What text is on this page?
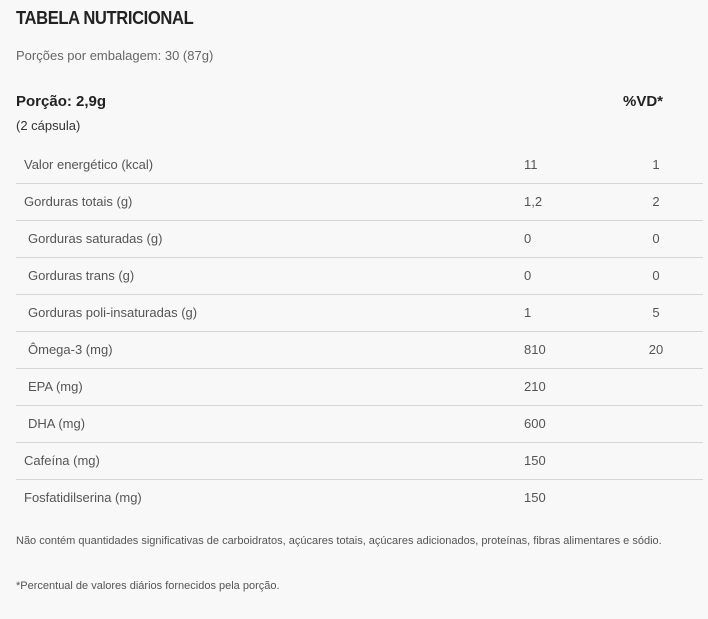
TABELA NUTRICIONAL
Porções por embalagem: 30 (87g)
Porção: 2,9g
(2 cápsula)
%VD*
Valor energético (kcal)	11	1
Gorduras totais (g)	1,2	2
Gorduras saturadas (g)	0	0
Gorduras trans (g)	0	0
Gorduras poli-insaturadas (g)	1	5
Ômega-3 (mg)	810	20
EPA (mg)	210
DHA (mg)	600
Cafeína (mg)	150
Fosfatidilserina (mg)	150
Não contém quantidades significativas de carboidratos, açúcares totais, açúcares adicionados, proteínas, fibras alimentares e sódio.
*Percentual de valores diários fornecidos pela porção.
